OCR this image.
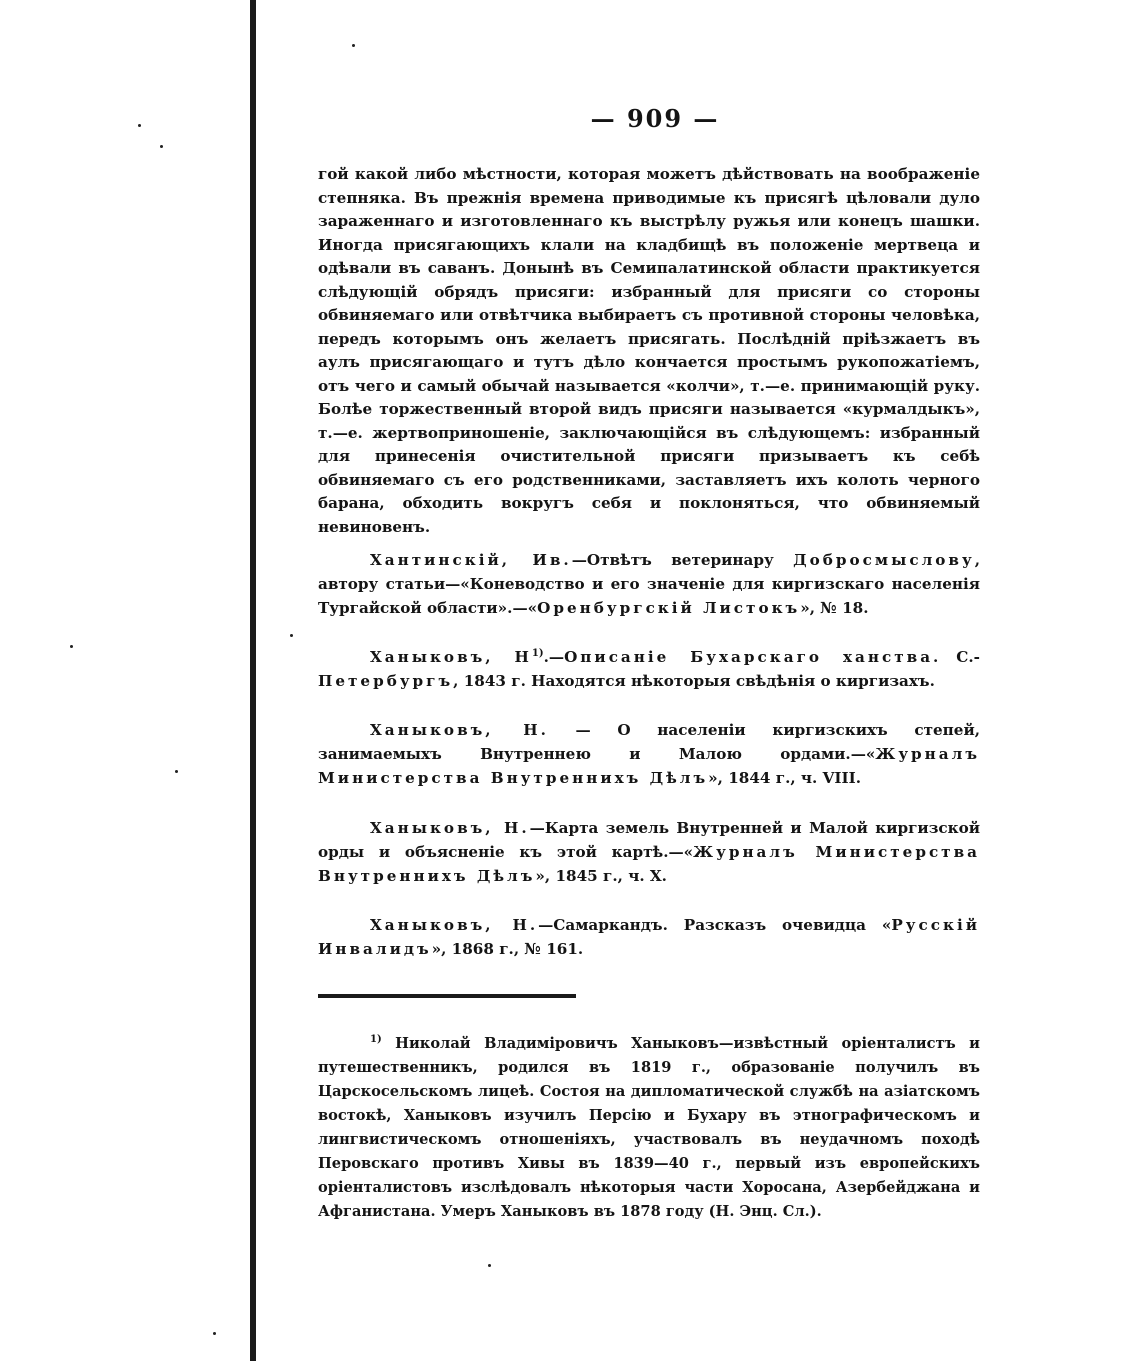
— 909 —

гой какой либо мѣстности, которая можетъ дѣйствовать на воображеніе степняка. Въ прежнія времена приводимые къ присягѣ цѣловали дуло зараженнаго и изготовленнаго къ выстрѣлу ружья или конецъ шашки. Иногда присягающихъ клали на кладбищѣ въ положеніе мертвеца и одѣвали въ саванъ. Донынѣ въ Семипалатинской области практикуется слѣдующій обрядъ присяги: избранный для присяги со стороны обвиняемаго или отвѣтчика выбираетъ съ противной стороны человѣка, передъ которымъ онъ желаетъ присягать. Послѣдній пріѣзжаетъ въ аулъ присягающаго и тутъ дѣло кончается простымъ рукопожатіемъ, отъ чего и самый обычай называется «колчи», т.—е. принимающій руку. Болѣе торжественный второй видъ присяги называется «курмалдыкъ», т.—е. жертвоприношеніе, заключающійся въ слѣдующемъ: избранный для принесенія очистительной присяги призываетъ къ себѣ обвиняемаго съ его родственниками, заставляетъ ихъ колоть черного барана, обходить вокругъ себя и поклоняться, что обвиняемый невиновенъ.

Хантинскій, Ив.—Отвѣтъ ветеринару Добросмыслову, автору статьи—«Коневодство и его значеніе для киргизскаго населенія Тургайской области».—«Оренбургскій Листокъ», № 18.

Ханыковъ, $Н^{1)}.—Описаніе$ Бухарскаго ханства. С.-Петербургъ, 1843 г. Находятся нѣкоторыя свѣдѣнія о киргизахъ.

Ханыковъ, Н. — О населеніи киргизскихъ степей, занимаемыхъ Внутреннею и Малою ордами.—«Журналъ Министерства Внутреннихъ Дѣлъ», 1844 г., ч. VIII.

Ханыковъ, Н.—Карта земель Внутренней и Малой киргизской орды и объясненіе къ этой картѣ.—«Журналъ Министерства Внутреннихъ Дѣлъ», 1845 г., ч. X.

Ханыковъ, Н.—Самаркандъ. Разсказъ очевидца «Русскій Инвалидъ», 1868 г., № 161.

$^{1)}$ Николай Владиміровичъ Ханыковъ—извѣстный оріенталистъ и путешественникъ, родился въ 1819 г., образованіе получилъ въ Царскосельскомъ лицеѣ. Состоя на дипломатической службѣ на азіатскомъ востокѣ, Ханыковъ изучилъ Персію и Бухару въ этнографическомъ и лингвистическомъ отношеніяхъ, участвовалъ въ неудачномъ походѣ Перовскаго противъ Хивы въ 1839—40 г., первый изъ европейскихъ оріенталистовъ изслѣдовалъ нѣкоторыя части Хоросана, Азербейджана и Афганистана. Умеръ Ханыковъ въ 1878 году (Н. Энц. Сл.).
